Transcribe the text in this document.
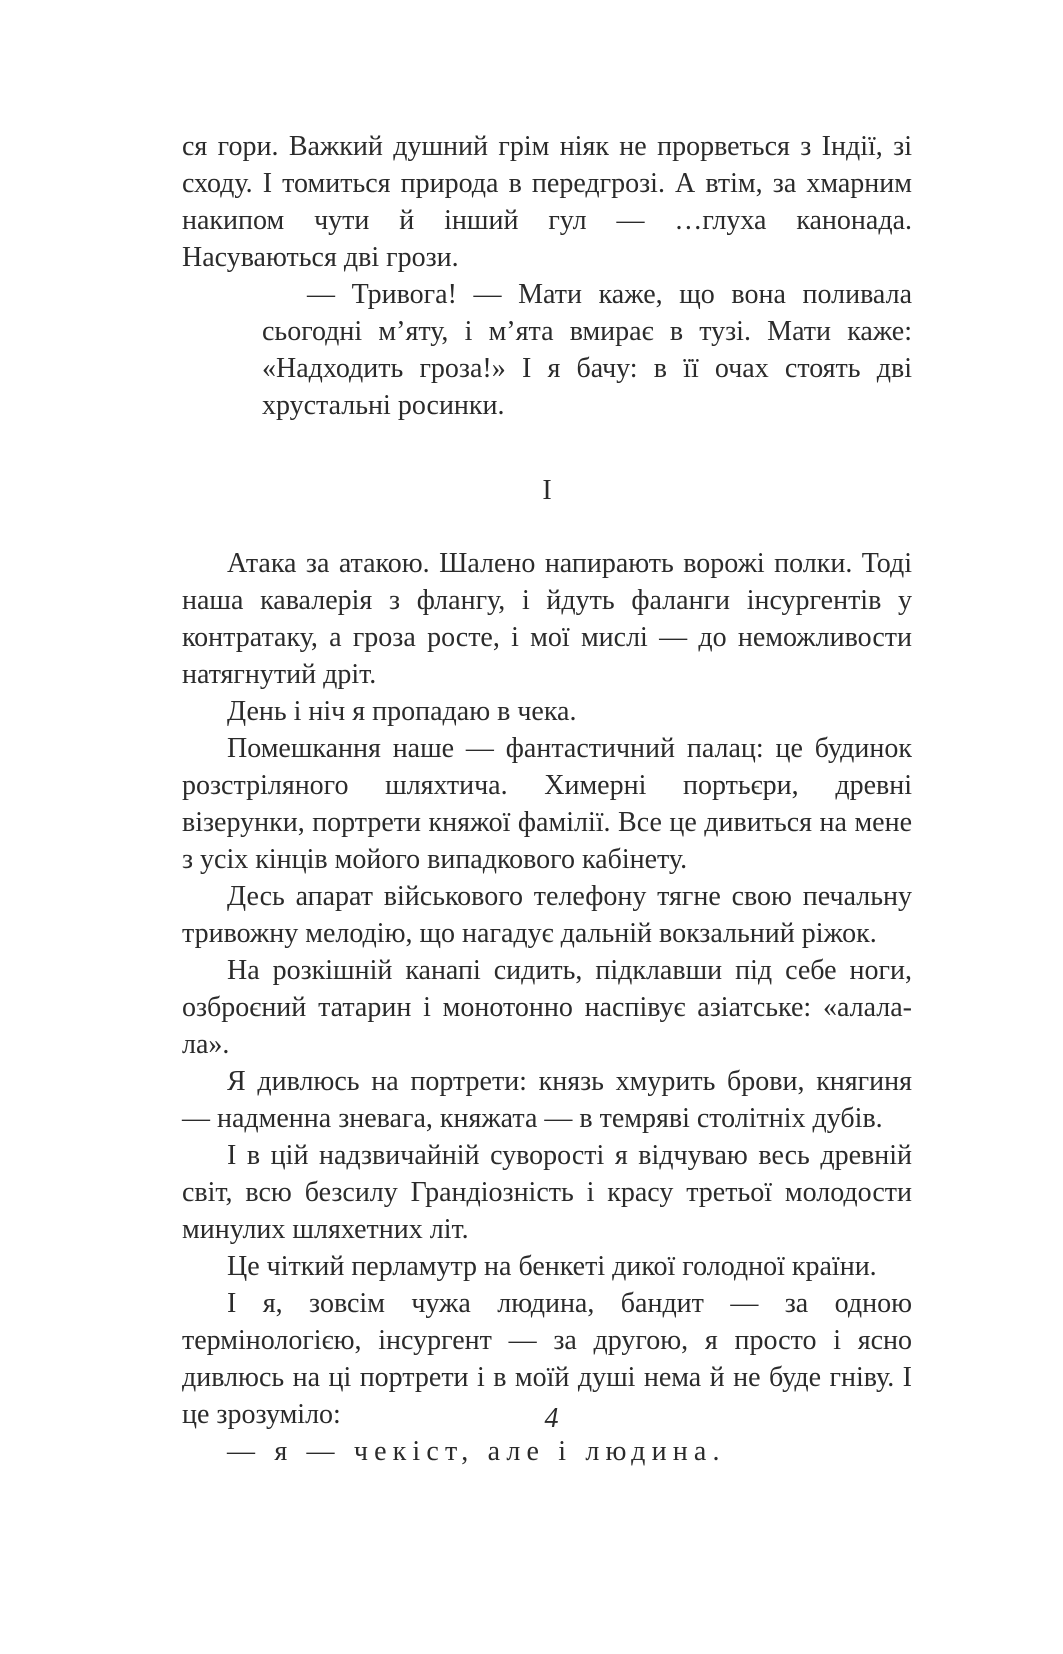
ся гори. Важкий душний грім ніяк не прорветься з Індії, зі сходу. І томиться природа в передгрозі. А втім, за хмарним накипом чути й інший гул — …глуха канонада. Насуваються дві грози.

— Тривога! — Мати каже, що вона поливала сьогодні м’яту, і м’ята вмирає в тузі. Мати каже: «Надходить гроза!» І я бачу: в її очах стоять дві хрустальні росинки.

І

Атака за атакою. Шалено напирають ворожі полки. Тоді наша кавалерія з флангу, і йдуть фаланги інсургентів у контратаку, а гроза росте, і мої мислі — до неможливости натягнутий дріт.

День і ніч я пропадаю в чека.

Помешкання наше — фантастичний палац: це будинок розстріляного шляхтича. Химерні портьєри, древні візерунки, портрети княжої фамілії. Все це дивиться на мене з усіх кінців мойого випадкового кабінету.

Десь апарат військового телефону тягне свою печальну тривожну мелодію, що нагадує дальній вокзальний ріжок.

На розкішній канапі сидить, підклавши під себе ноги, озброєний татарин і монотонно наспівує азіатське: «алала-ла».

Я дивлюсь на портрети: князь хмурить брови, княгиня — надменна зневага, княжата — в темряві столітніх дубів.

І в цій надзвичайній суворості я відчуваю весь древній світ, всю безсилу Грандіозність і красу третьої молодости минулих шляхетних літ.

Це чіткий перламутр на бенкеті дикої голодної країни.

І я, зовсім чужа людина, бандит — за одною термінологією, інсургент — за другою, я просто і ясно дивлюсь на ці портрети і в моїй душі нема й не буде гніву. І це зрозуміло:

— я — чекіст, але і людина.

4
